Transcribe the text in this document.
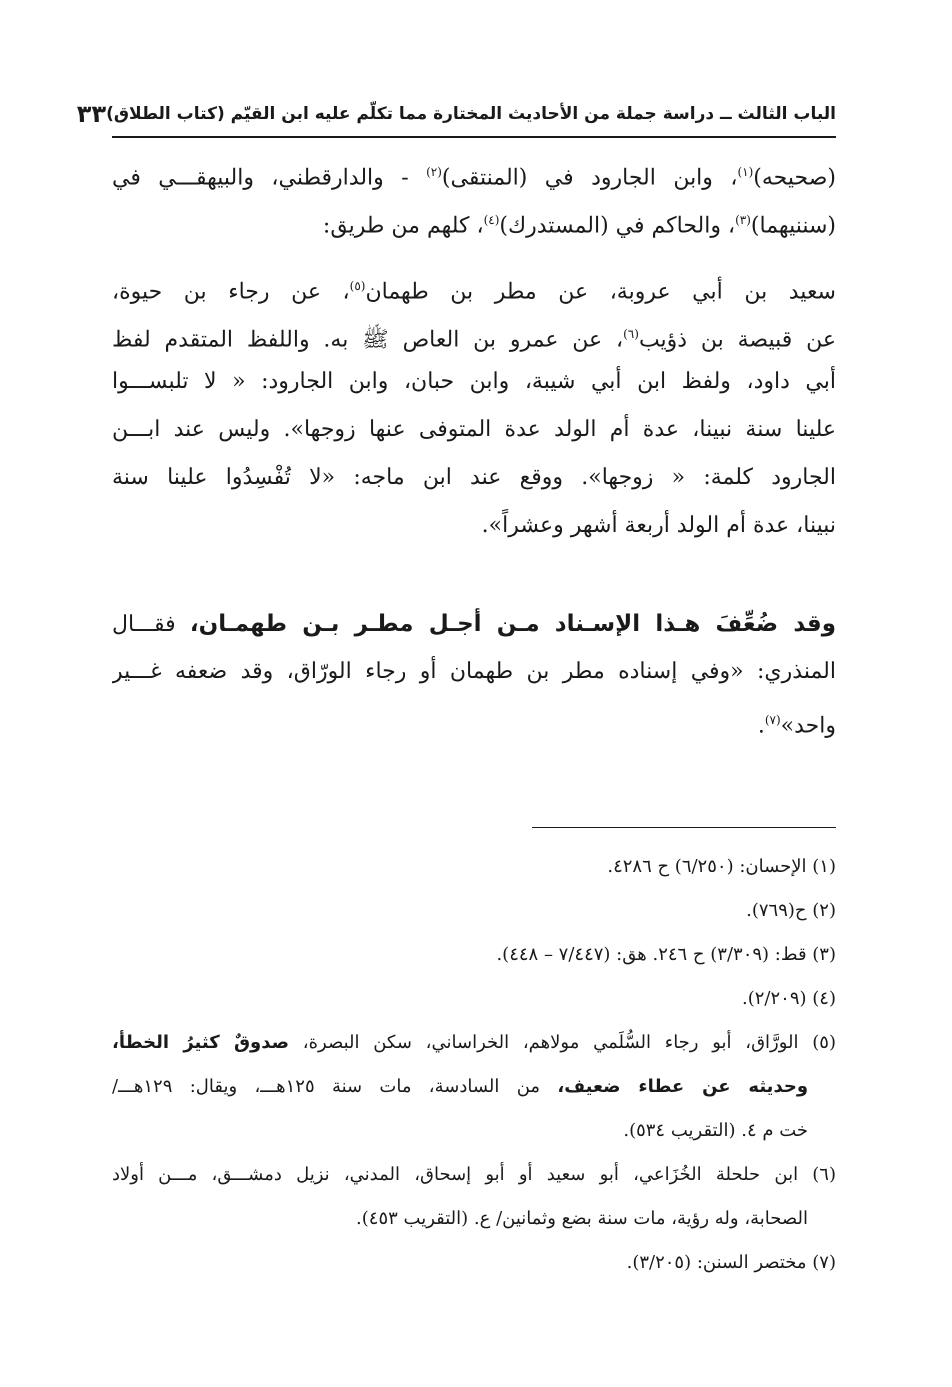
الباب الثالث ــ دراسة جملة من الأحاديث المختارة مما تكلّم عليه ابن القيّم (كتاب الطلاق)
٣٣
(صحيحه)$^{(١)}$، وابن الجارود في (المنتقى)$^{(٢)}$ - والدارقطني، والبيهقـــي في
(سننيهما)$^{(٣)}$، والحاكم في (المستدرك)$^{(٤)}$، كلهم من طريق:
سعيد بن أبي عروبة، عن مطر بن طهمان$^{(٥)}$، عن رجاء بن حيوة،
عن قبيصة بن ذؤيب$^{(٦)}$، عن عمرو بن العاص ﷺ به. واللفظ المتقدم لفظ
أبي داود، ولفظ ابن أبي شيبة، وابن حبان، وابن الجارود: « لا تلبســـوا
علينا سنة نبينا، عدة أم الولد عدة المتوفى عنها زوجها». وليس عند ابـــن
الجارود كلمة: « زوجها». ووقع عند ابن ماجه: «لا تُفْسِدُوا علينا سنة
نبينا، عدة أم الولد أربعة أشهر وعشراً».
وقد ضُعِّفَ هـذا الإسـناد مـن أجـل مطـر بـن طهمـان، فقـــال
المنذري: «وفي إسناده مطر بن طهمان أو رجاء الورّاق، وقد ضعفه غـــير
واحد»$^{(٧)}$.
(١) الإحسان: (٦/٢٥٠) ح ٤٢٨٦.
(٢) ح(٧٦٩).
(٣) قط: (٣/٣٠٩) ح ٢٤٦. هق: (٧/٤٤٧ – ٤٤٨).
(٤) (٢/٢٠٩).
(٥) الورَّاق، أبو رجاء السُّلَمي مولاهم، الخراساني، سكن البصرة، صدوقٌ كثيرُ الخطأ،
وحديثه عن عطاء ضعيف، من السادسة، مات سنة ١٢٥هـــ، ويقال: ١٢٩هـــ/
خت م ٤. (التقريب ٥٣٤).
(٦) ابن حلحلة الخُزَاعي، أبو سعيد أو أبو إسحاق، المدني، نزيل دمشـــق، مـــن أولاد
الصحابة، وله رؤية، مات سنة بضع وثمانين/ ع. (التقريب ٤٥٣).
(٧) مختصر السنن: (٣/٢٠٥).
